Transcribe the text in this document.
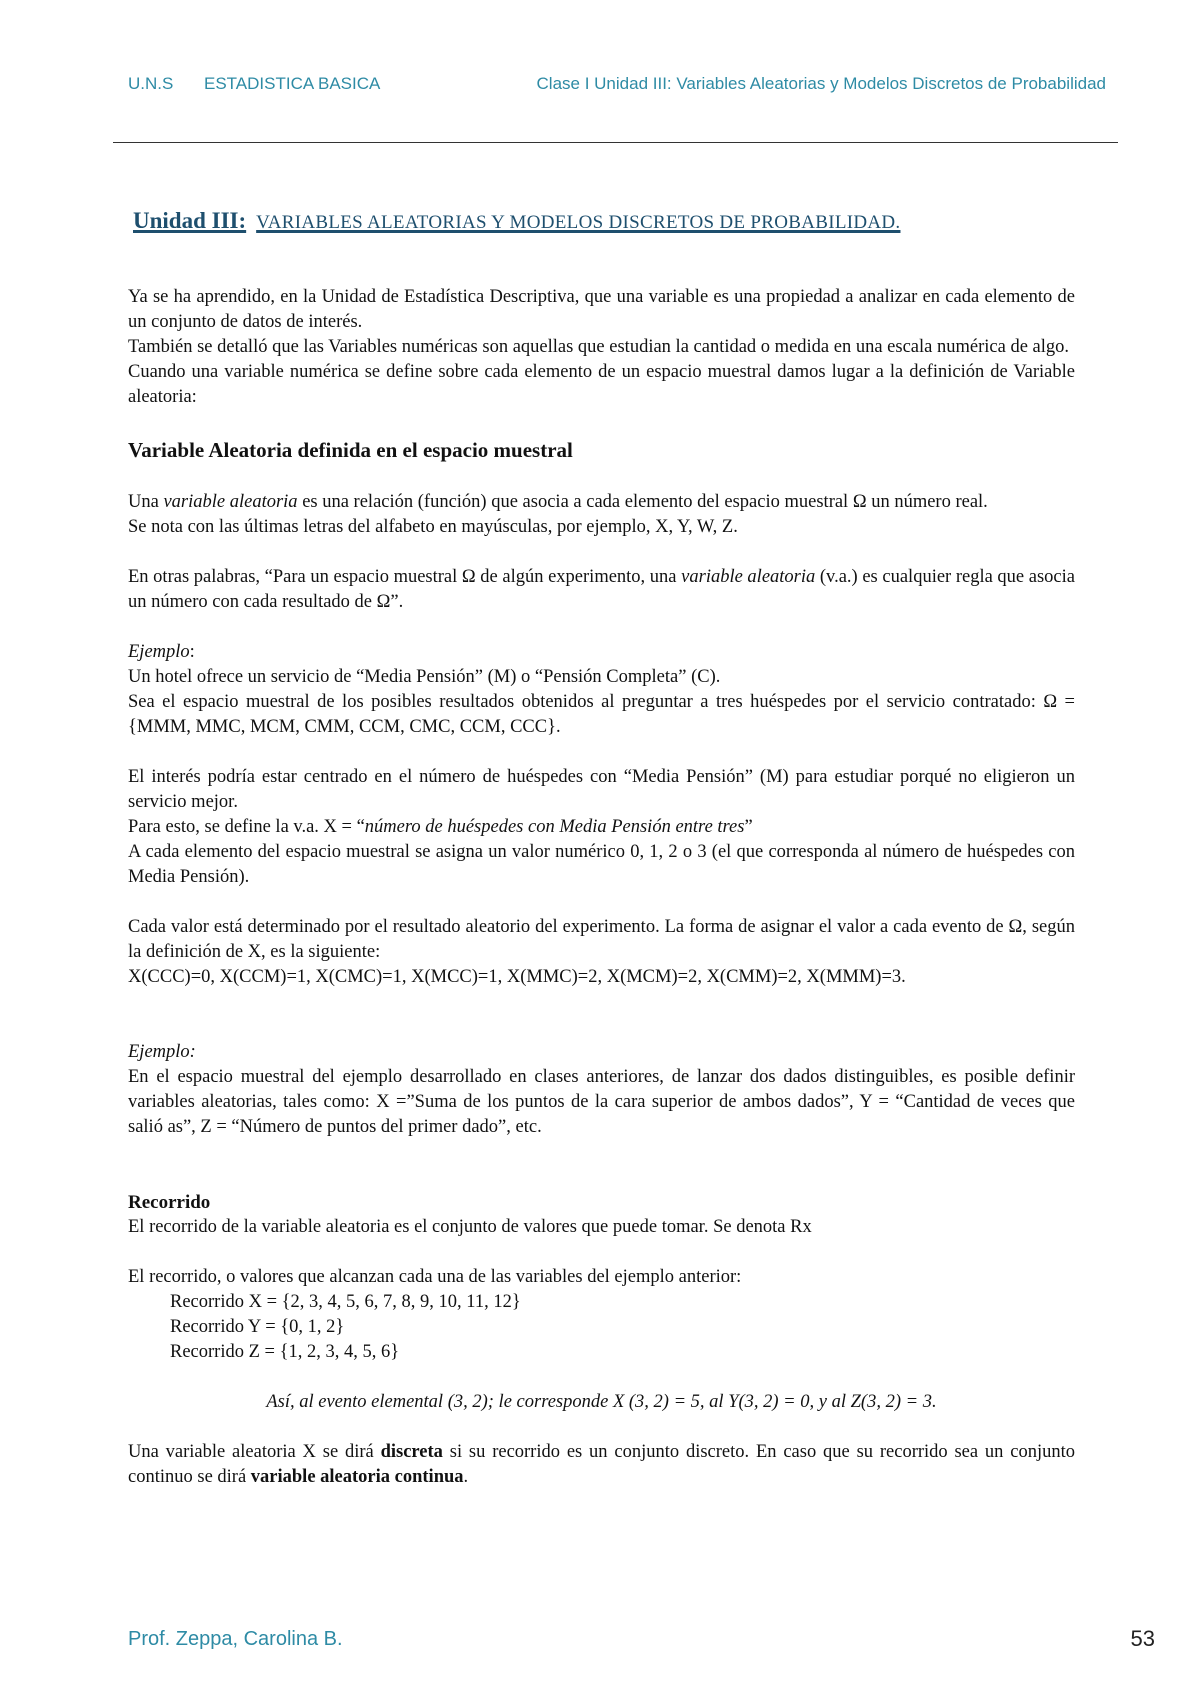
U.N.S ESTADISTICA BASICA	Clase I Unidad III: Variables Aleatorias y Modelos Discretos de Probabilidad
Unidad III: VARIABLES ALEATORIAS Y MODELOS DISCRETOS DE PROBABILIDAD.

Ya se ha aprendido, en la Unidad de Estadística Descriptiva, que una variable es una propiedad a analizar en cada elemento de un conjunto de datos de interés.
También se detalló que las Variables numéricas son aquellas que estudian la cantidad o medida en una escala numérica de algo.
Cuando una variable numérica se define sobre cada elemento de un espacio muestral damos lugar a la definición de Variable aleatoria:

Variable Aleatoria definida en el espacio muestral

Una variable aleatoria es una relación (función) que asocia a cada elemento del espacio muestral Ω un número real.
Se nota con las últimas letras del alfabeto en mayúsculas, por ejemplo, X, Y, W, Z.

En otras palabras, “Para un espacio muestral Ω de algún experimento, una variable aleatoria (v.a.) es cualquier regla que asocia un número con cada resultado de Ω”.

Ejemplo:
Un hotel ofrece un servicio de “Media Pensión” (M) o “Pensión Completa” (C).
Sea el espacio muestral de los posibles resultados obtenidos al preguntar a tres huéspedes por el servicio contratado: Ω = {MMM, MMC, MCM, CMM, CCM, CMC, CCM, CCC}.

El interés podría estar centrado en el número de huéspedes con “Media Pensión” (M) para estudiar porqué no eligieron un servicio mejor.
Para esto, se define la v.a. X = “número de huéspedes con Media Pensión entre tres”
A cada elemento del espacio muestral se asigna un valor numérico 0, 1, 2 o 3 (el que corresponda al número de huéspedes con Media Pensión).

Cada valor está determinado por el resultado aleatorio del experimento. La forma de asignar el valor a cada evento de Ω, según la definición de X, es la siguiente:
X(CCC)=0, X(CCM)=1, X(CMC)=1, X(MCC)=1, X(MMC)=2, X(MCM)=2, X(CMM)=2, X(MMM)=3.

Ejemplo:
En el espacio muestral del ejemplo desarrollado en clases anteriores, de lanzar dos dados distinguibles, es posible definir variables aleatorias, tales como: X =”Suma de los puntos de la cara superior de ambos dados”, Y = “Cantidad de veces que salió as”, Z = “Número de puntos del primer dado”, etc.

Recorrido

El recorrido de la variable aleatoria es el conjunto de valores que puede tomar. Se denota Rx

El recorrido, o valores que alcanzan cada una de las variables del ejemplo anterior:

Recorrido X = {2, 3, 4, 5, 6, 7, 8, 9, 10, 11, 12}
Recorrido Y = {0, 1, 2}
Recorrido Z = {1, 2, 3, 4, 5, 6}

Así, al evento elemental (3, 2); le corresponde X (3, 2) = 5, al Y(3, 2) = 0, y al Z(3, 2) = 3.

Una variable aleatoria X se dirá discreta si su recorrido es un conjunto discreto. En caso que su recorrido sea un conjunto continuo se dirá variable aleatoria continua.

Prof. Zeppa, Carolina B.	53
